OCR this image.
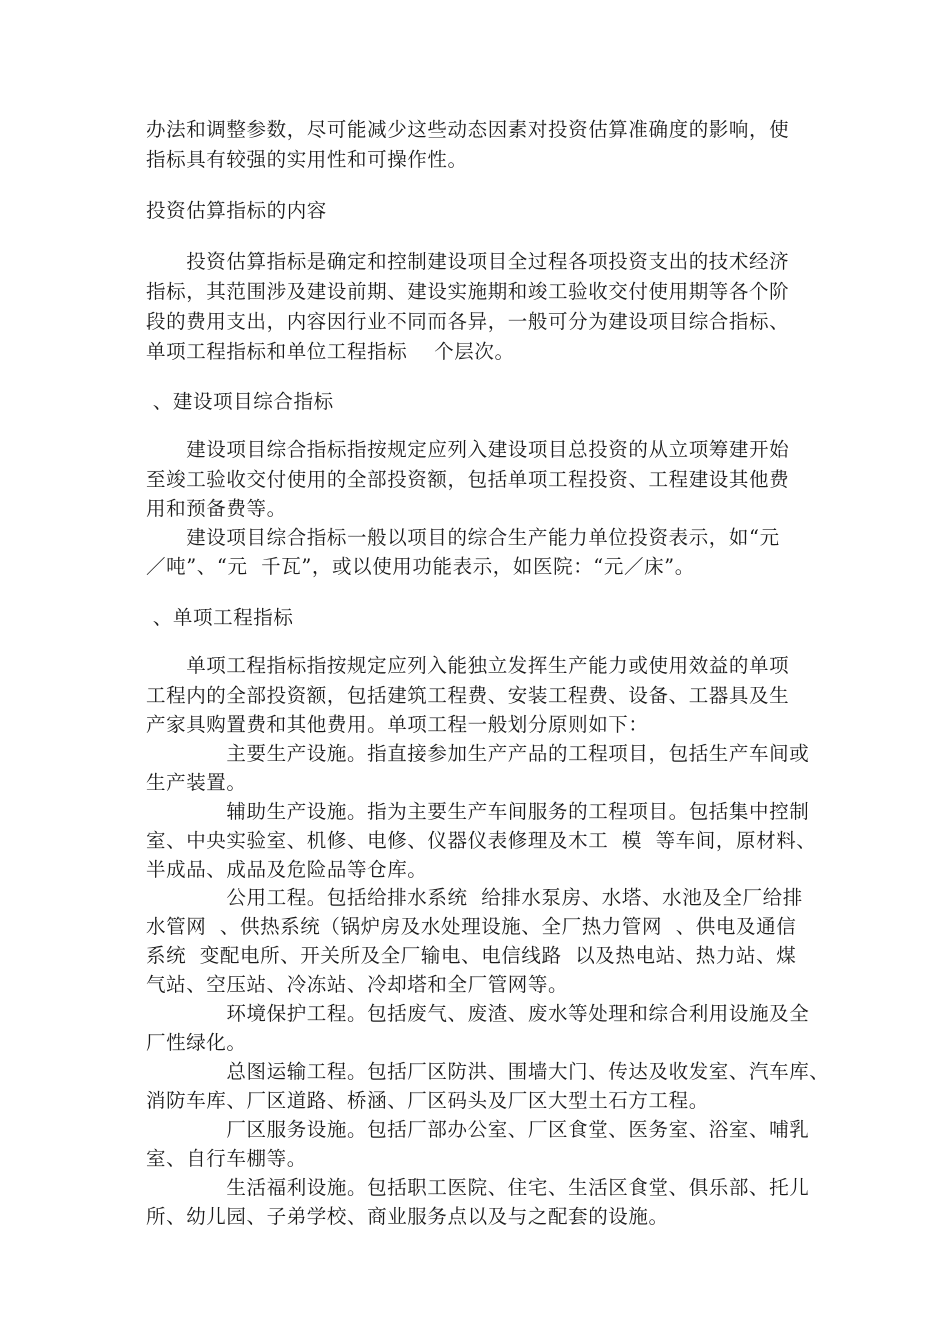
办法和调整参数，尽可能减少这些动态因素对投资估算准确度的影响，使
指标具有较强的实用性和可操作性。
投资估算指标的内容
　　投资估算指标是确定和控制建设项目全过程各项投资支出的技术经济
指标，其范围涉及建设前期、建设实施期和竣工验收交付使用期等各个阶
段的费用支出，内容因行业不同而各异，一般可分为建设项目综合指标、
单项工程指标和单位工程指标　 个层次。
、建设项目综合指标
　　建设项目综合指标指按规定应列入建设项目总投资的从立项筹建开始
至竣工验收交付使用的全部投资额，包括单项工程投资、工程建设其他费
用和预备费等。
　　建设项目综合指标一般以项目的综合生产能力单位投资表示，如“元
／吨”、“元  千瓦”，或以使用功能表示，如医院：“元／床”。
、单项工程指标
　　单项工程指标指按规定应列入能独立发挥生产能力或使用效益的单项
工程内的全部投资额，包括建筑工程费、安装工程费、设备、工器具及生
产家具购置费和其他费用。单项工程一般划分原则如下：
　　　　主要生产设施。指直接参加生产产品的工程项目，包括生产车间或
生产装置。
　　　　辅助生产设施。指为主要生产车间服务的工程项目。包括集中控制
室、中央实验室、机修、电修、仪器仪表修理及木工  模  等车间，原材料、
半成品、成品及危险品等仓库。
　　　　公用工程。包括给排水系统  给排水泵房、水塔、水池及全厂给排
水管网  、供热系统（锅炉房及水处理设施、全厂热力管网  、供电及通信
系统  变配电所、开关所及全厂输电、电信线路  以及热电站、热力站、煤
气站、空压站、冷冻站、冷却塔和全厂管网等。
　　　　环境保护工程。包括废气、废渣、废水等处理和综合利用设施及全
厂性绿化。
　　　　总图运输工程。包括厂区防洪、围墙大门、传达及收发室、汽车库、
消防车库、厂区道路、桥涵、厂区码头及厂区大型土石方工程。
　　　　厂区服务设施。包括厂部办公室、厂区食堂、医务室、浴室、哺乳
室、自行车棚等。
　　　　生活福利设施。包括职工医院、住宅、生活区食堂、俱乐部、托儿
所、幼儿园、子弟学校、商业服务点以及与之配套的设施。
